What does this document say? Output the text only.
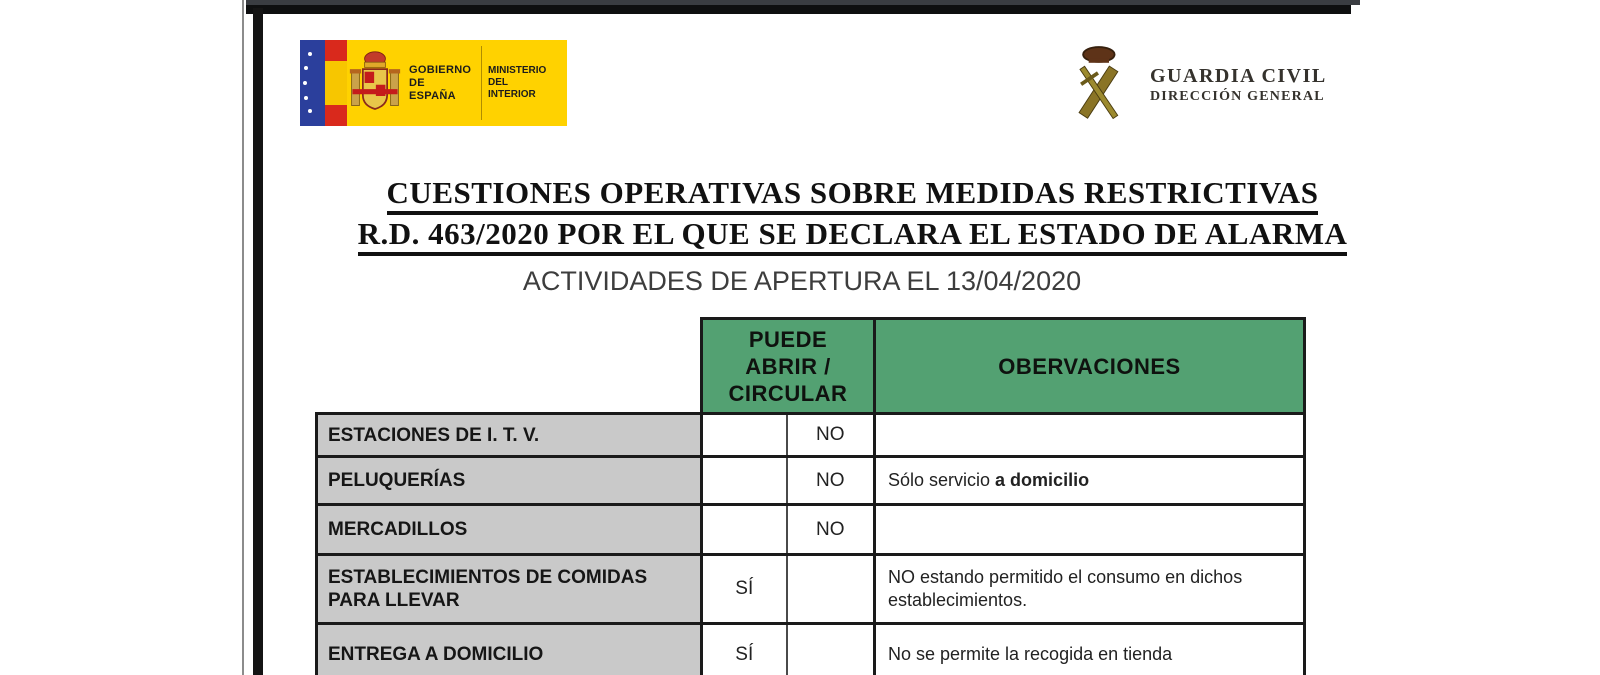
GOBIERNO
DE ESPAÑA
MINISTERIO
DEL INTERIOR
GUARDIA CIVIL
DIRECCIÓN GENERAL
CUESTIONES OPERATIVAS SOBRE MEDIDAS RESTRICTIVAS
R.D. 463/2020 POR EL QUE SE DECLARA EL ESTADO DE ALARMA
ACTIVIDADES DE APERTURA EL 13/04/2020

	PUEDE
ABRIR /
CIRCULAR		OBERVACIONES
ESTACIONES DE I. T. V.		NO	
PELUQUERÍAS		NO	Sólo servicio a domicilio
MERCADILLOS		NO	
ESTABLECIMIENTOS DE COMIDAS PARA LLEVAR	SÍ		NO estando permitido el consumo en dichos establecimientos.
ENTREGA A DOMICILIO	SÍ		No se permite la recogida en tienda
